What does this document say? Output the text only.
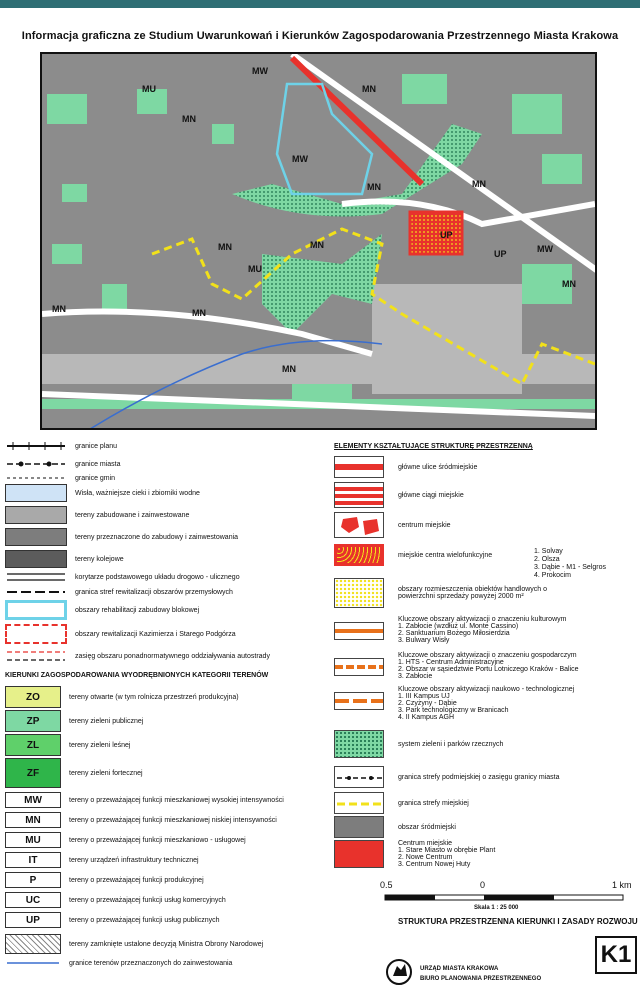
Informacja graficzna ze Studium Uwarunkowań i Kierunków Zagospodarowania Przestrzennego Miasta Krakowa
MN
MN
MN
MN	MN
MN
MN
MN
MN
MW
MW
MW
UP
UP
MU
MU
MN
granice planu
granice miasta
granice gmin
Wisła, ważniejsze cieki i zbiorniki wodne
tereny zabudowane i zainwestowane
tereny przeznaczone do zabudowy i zainwestowania
tereny kolejowe
korytarze podstawowego układu drogowo - ulicznego
granica stref rewitalizacji obszarów przemysłowych
obszary rehabilitacji zabudowy blokowej
obszary rewitalizacji Kazimierza i Starego Podgórza
zasięg obszaru ponadnormatywnego oddziaływania autostrady
KIERUNKI ZAGOSPODAROWANIA WYODRĘBNIONYCH KATEGORII TERENÓW
ZO	tereny otwarte (w tym rolnicza przestrzeń produkcyjna)
ZP	tereny zieleni publicznej
ZL	tereny zieleni leśnej
ZF	tereny zieleni fortecznej
MW	tereny o przeważającej funkcji mieszkaniowej wysokiej intensywności
MN	tereny o przeważającej funkcji mieszkaniowej niskiej intensywności
MU	tereny o przeważającej funkcji mieszkaniowo - usługowej
IT	tereny urządzeń infrastruktury technicznej
P	tereny o przeważającej funkcji produkcyjnej
UC	tereny o przeważającej funkcji usług komercyjnych
UP	tereny o przeważającej funkcji usług publicznych
tereny zamknięte ustalone decyzją Ministra Obrony Narodowej
granice terenów przeznaczonych do zainwestowania
ELEMENTY KSZTAŁTUJĄCE STRUKTURĘ PRZESTRZENNĄ
główne ulice śródmiejskie
główne ciągi miejskie
centrum miejskie
miejskie centra wielofunkcyjne	1. Solvay
2. Olsza
3. Dąbie - M1 - Selgros
4. Prokocim
obszary rozmieszczenia obiektów handlowych o powierzchni sprzedaży powyżej 2000 m²
Kluczowe obszary aktywizacji o znaczeniu kulturowym
1. Zabłocie (wzdłuż ul. Monte Cassino)
2. Sanktuarium Bożego Miłosierdzia
3. Bulwary Wisły
Kluczowe obszary aktywizacji o znaczeniu gospodarczym
1. HTS - Centrum Administracyjne
2. Obszar w sąsiedztwie Portu Lotniczego Kraków - Balice
3. Zabłocie
Kluczowe obszary aktywizacji naukowo - technologicznej
1. III Kampus UJ
2. Czyżyny - Dąbie
3. Park technologiczny w Branicach
4. II Kampus AGH
system zieleni i parków rzecznych
granica strefy podmiejskiej o zasięgu granicy miasta
granica strefy miejskiej
obszar śródmiejski
Centrum miejskie
1. Stare Miasto w obrębie Plant
2. Nowe Centrum
3. Centrum Nowej Huty
0.5	0	1 km
Skala 1 : 25 000
STRUKTURA PRZESTRZENNA KIERUNKI I ZASADY ROZWOJU
K1
URZĄD MIASTA KRAKOWA
BIURO PLANOWANIA PRZESTRZENNEGO
